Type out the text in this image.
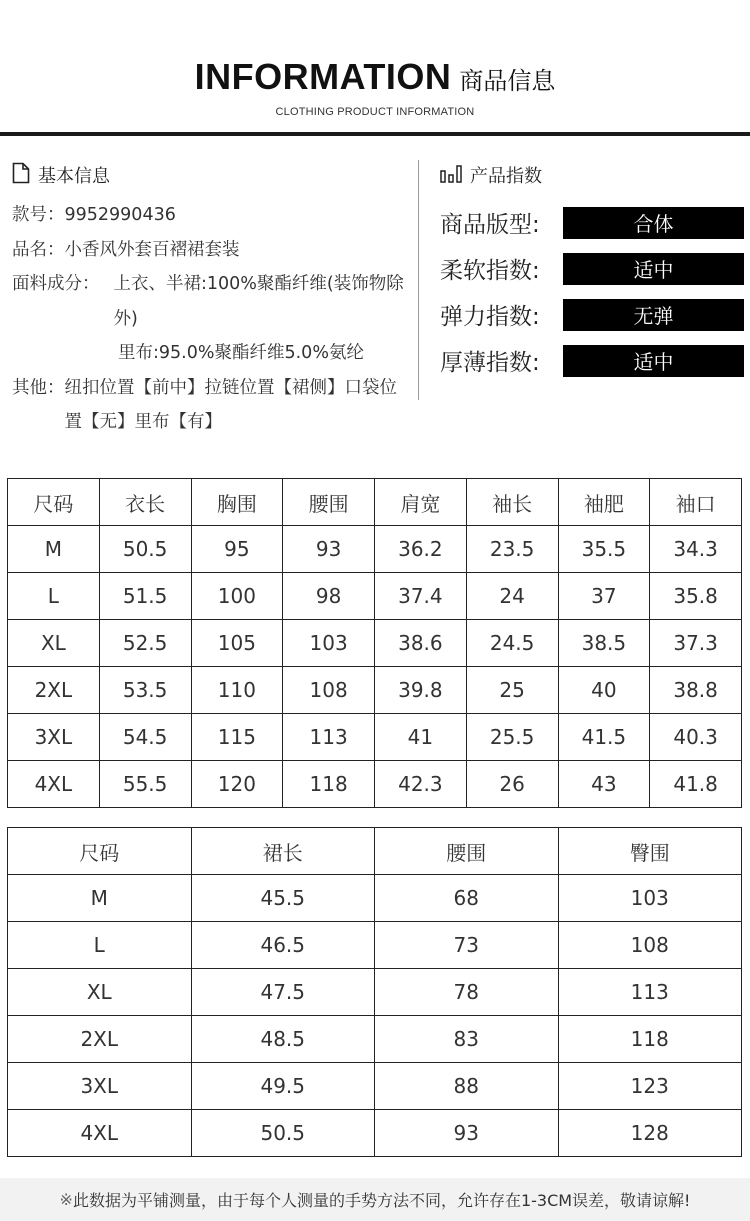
INFORMATION 商品信息
CLOTHING PRODUCT INFORMATION
基本信息
款号： 9952990436
品名： 小香风外套百褶裙套装
面料成分： 上衣、半裙:100%聚酯纤维(装饰物除外)
里布:95.0%聚酯纤维5.0%氨纶
其他： 纽扣位置【前中】拉链位置【裙侧】口袋位置【无】里布【有】
产品指数
商品版型:	合体
柔软指数:	适中
弹力指数:	无弹
厚薄指数:	适中
尺码	衣长	胸围	腰围	肩宽	袖长	袖肥	袖口
M	50.5	95	93	36.2	23.5	35.5	34.3
L	51.5	100	98	37.4	24	37	35.8
XL	52.5	105	103	38.6	24.5	38.5	37.3
2XL	53.5	110	108	39.8	25	40	38.8
3XL	54.5	115	113	41	25.5	41.5	40.3
4XL	55.5	120	118	42.3	26	43	41.8
尺码	裙长	腰围	臀围
M	45.5	68	103
L	46.5	73	108
XL	47.5	78	113
2XL	48.5	83	118
3XL	49.5	88	123
4XL	50.5	93	128
※ 此数据为平铺测量，由于每个人测量的手势方法不同，允许存在1-3CM误差，敬请谅解!
